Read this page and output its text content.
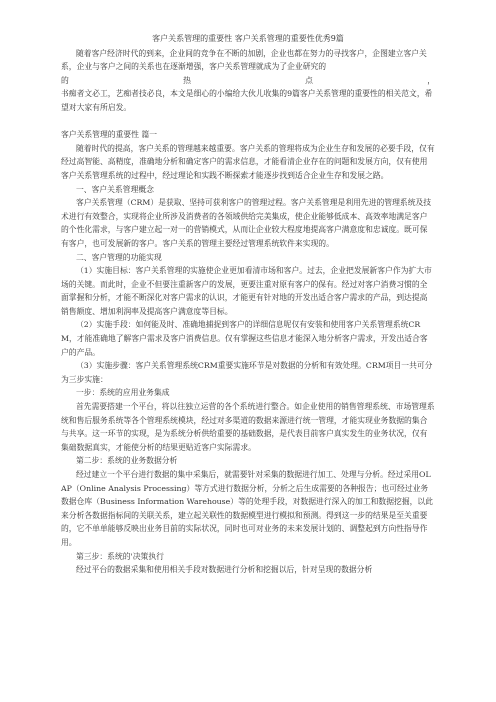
客户关系管理的重要性 客户关系管理的重要性优秀9篇

随着客户经济时代的到来，企业间的竞争在不断的加剧，企业也都在努力的寻找客户，企图建立客户关系，企业与客户之间的关系也在逐渐增强，客户关系管理就成为了企业研究的

的	热	点	，

书痴者文必工，艺痴者技必良，本文是细心的小编给大伙儿收集的9篇客户关系管理的重要性的相关范文，希望对大家有所启发。

客户关系管理的重要性 篇一

随着时代的提高，客户关系的管理越来越重要。客户关系的管理将成为企业生存和发展的必要手段，仅有经过高智能、高精度，准确地分析和确定客户的需求信息，才能看清企业存在的问题和发展方向，仅有使用客户关系管理系统的过程中，经过理论和实践不断探索才能逐步找到适合企业生存和发展之路。

一、客户关系管理概念

客户关系管理（CRM）是获取、坚持可获利客户的管理过程。客户关系管理是利用先进的管理系统及技术进行有效整合，实现将企业所涉及消费者的各领域供给完美集成，使企业能够低成本、高效率地满足客户的个性化需求，与客户建立起一对一的营销模式，从而让企业较大程度地提高客户满意度和忠诚度。既可保有客户，也可发展新的客户。客户关系的管理主要经过管理系统软件来实现的。

二、客户管理的功能实现

（1）实施目标：客户关系管理的实施使企业更加看清市场和客户。过去，企业把发展新客户作为扩大市场的关键。而此时，企业不但要注重新客户的发展，更要注重对原有客户的保有。经过对客户消费习惯的全面掌握和分析，才能不断深化对客户需求的认识，才能更有针对地的开发出适合客户需求的产品，到达提高销售额度、增加利润率及提高客户满意度等目标。

（2）实施手段：如何能及时、准确地捕捉到客户的详细信息呢仅有安装和使用客户关系管理系统CRM，才能准确地了解客户需求及客户消费信息。仅有掌握这些信息才能深入地分析客户需求，开发出适合客户的产品。

（3）实施步骤：客户关系管理系统CRM重要实施环节是对数据的分析和有效处理。CRM项目一共可分为三步实施：

一步：系统的应用业务集成

首先需要搭建一个平台，将以往独立运营的各个系统进行整合。如企业使用的销售管理系统、市场管理系统和售后服务系统等各个管理系统模块，经过对多渠道的数据来源进行统一管理，才能实现业务数据的集合与共享。这一环节的实现，是为系统分析供给重要的基础数据，是代表目前客户真实发生的业务状况，仅有集础数据真实，才能使分析的结果更贴近客户实际需求。

第二步：系统的业务数据分析

经过建立一个平台进行数据的集中采集后，就需要针对采集的数据进行加工、处理与分析。经过采用OLAP（Online Analysis Processing）等方式进行数据分析，分析之后生成需要的各种报告；也可经过业务数据仓库（Business Information Warehouse）等的处理手段，对数据进行深入的加工和数据挖掘，以此来分析各数据指标间的关联关系，建立起关联性的数据模型进行模拟和预测。得到这一步的结果是至关重要的，它不单单能够反映出业务目前的实际状况，同时也可对业务的未来发展计划的、调整起到方向性指导作用。

第三步：系统的'决策执行

经过平台的数据采集和使用相关手段对数据进行分析和挖掘以后，针对呈现的数据分析
